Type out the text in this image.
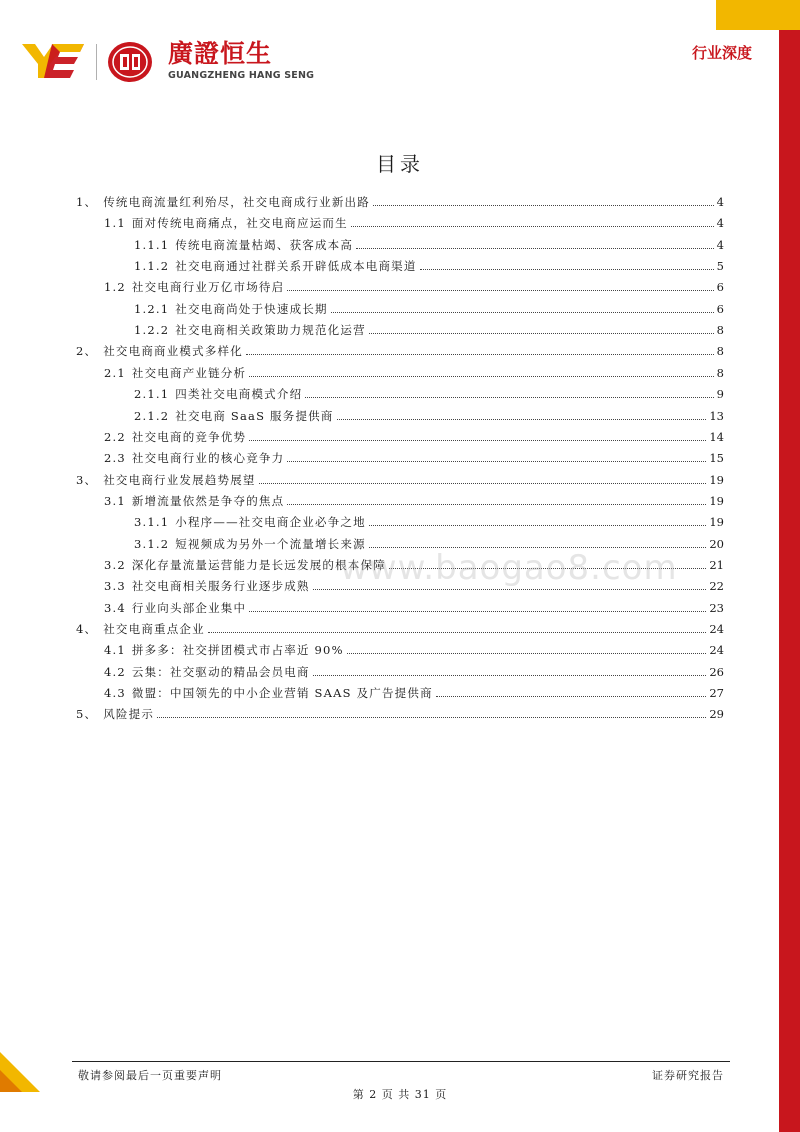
廣證恒生
GUANGZHENG HANG SENG
行业深度
目录
1、 传统电商流量红利殆尽，社交电商成行业新出路	4
1.1 面对传统电商痛点，社交电商应运而生	4
1.1.1 传统电商流量枯竭、获客成本高	4
1.1.2 社交电商通过社群关系开辟低成本电商渠道	5
1.2 社交电商行业万亿市场待启	6
1.2.1 社交电商尚处于快速成长期	6
1.2.2 社交电商相关政策助力规范化运营	8
2、 社交电商商业模式多样化	8
2.1 社交电商产业链分析	8
2.1.1 四类社交电商模式介绍	9
2.1.2 社交电商 SaaS 服务提供商	13
2.2 社交电商的竞争优势	14
2.3 社交电商行业的核心竞争力	15
3、 社交电商行业发展趋势展望	19
3.1 新增流量依然是争夺的焦点	19
3.1.1 小程序——社交电商企业必争之地	19
3.1.2 短视频成为另外一个流量增长来源	20
3.2 深化存量流量运营能力是长远发展的根本保障	21
3.3 社交电商相关服务行业逐步成熟	22
3.4 行业向头部企业集中	23
4、 社交电商重点企业	24
4.1 拼多多：社交拼团模式市占率近 90%	24
4.2 云集：社交驱动的精品会员电商	26
4.3 微盟：中国领先的中小企业营销 SAAS 及广告提供商	27
5、 风险提示	29
www.baogao8.com
敬请参阅最后一页重要声明	证券研究报告
第 2 页 共 31 页
